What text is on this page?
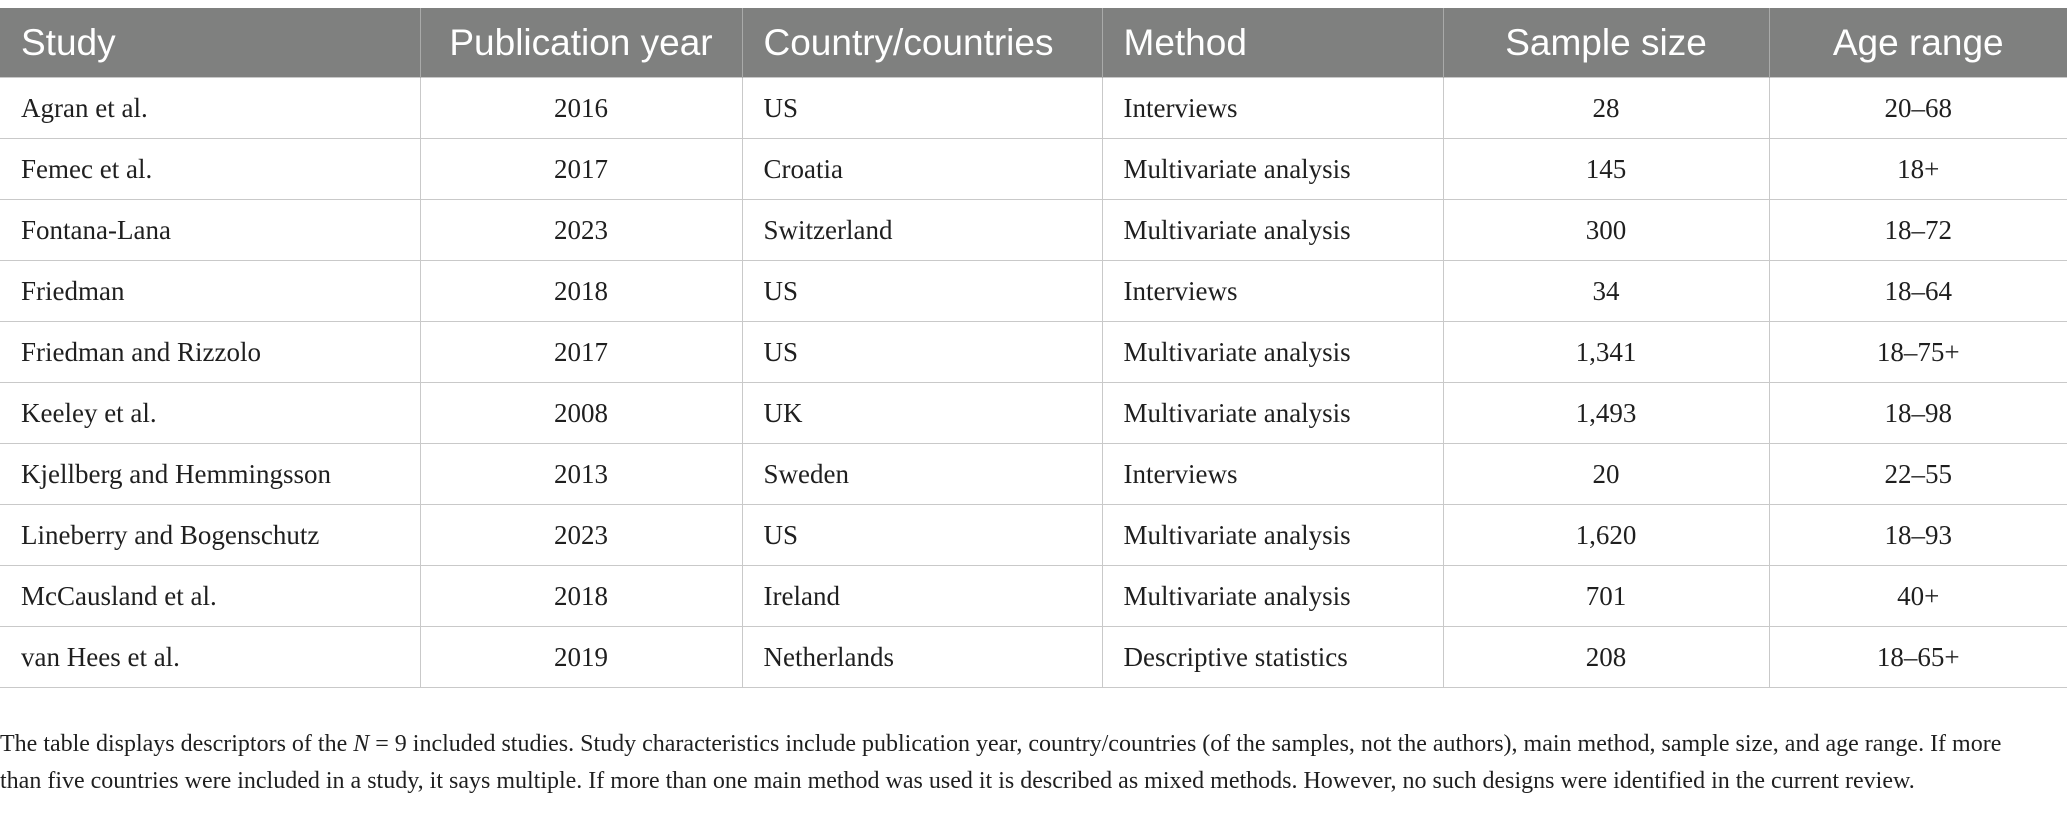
Study	Publication year	Country/countries	Method	Sample size	Age range
Agran et al.	2016	US	Interviews	28	20–68
Femec et al.	2017	Croatia	Multivariate analysis	145	18+
Fontana-Lana	2023	Switzerland	Multivariate analysis	300	18–72
Friedman	2018	US	Interviews	34	18–64
Friedman and Rizzolo	2017	US	Multivariate analysis	1,341	18–75+
Keeley et al.	2008	UK	Multivariate analysis	1,493	18–98
Kjellberg and Hemmingsson	2013	Sweden	Interviews	20	22–55
Lineberry and Bogenschutz	2023	US	Multivariate analysis	1,620	18–93
McCausland et al.	2018	Ireland	Multivariate analysis	701	40+
van Hees et al.	2019	Netherlands	Descriptive statistics	208	18–65+

The table displays descriptors of the N = 9 included studies. Study characteristics include publication year, country/countries (of the samples, not the authors), main method, sample size, and age range. If more than five countries were included in a study, it says multiple. If more than one main method was used it is described as mixed methods. However, no such designs were identified in the current review.
